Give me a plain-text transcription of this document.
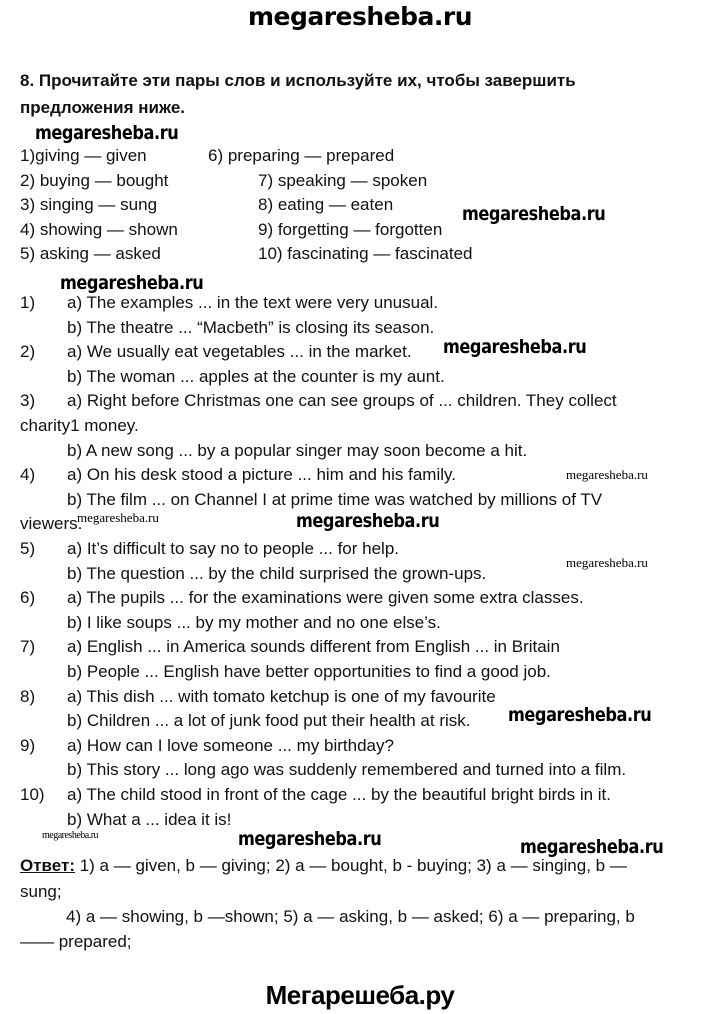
megaresheba.ru
8. Прочитайте эти пары слов и используйте их, чтобы завершить
предложения ниже.
1)giving — given	6) preparing — prepared
2) buying — bought	7) speaking — spoken
3) singing — sung	8) eating — eaten
4) showing — shown	9) forgetting — forgotten
5) asking — asked	10) fascinating — fascinated
1) a) The examples ... in the text were very unusual.
b) The theatre ... “Macbeth” is closing its season.
2) a) We usually eat vegetables ... in the market.
b) The woman ... apples at the counter is my aunt.
3) a) Right before Christmas one can see groups of ... children. They collect
charity1 money.
b) A new song ... by a popular singer may soon become a hit.
4) a) On his desk stood a picture ... him and his family.
b) The film ... on Channel I at prime time was watched by millions of TV
viewers.
5) a) It’s difficult to say no to people ... for help.
b) The question ... by the child surprised the grown-ups.
6) a) The pupils ... for the examinations were given some extra classes.
b) I like soups ... by my mother and no one else’s.
7) a) English ... in America sounds different from English ... in Britain
b) People ... English have better opportunities to find a good job.
8) a) This dish ... with tomato ketchup is one of my favourite
b) Children ... a lot of junk food put their health at risk.
9) a) How can I love someone ... my birthday?
b) This story ... long ago was suddenly remembered and turned into a film.
10) a) The child stood in front of the cage ... by the beautiful bright birds in it.
b) What a ... idea it is!
Ответ: 1) a — given, b — giving; 2) a — bought, b - buying; 3) a — singing, b —
sung;
4) a — showing, b —shown; 5) a — asking, b — asked; 6) a — preparing, b
—— prepared;
megaresheba.ru
megaresheba.ru
megaresheba.ru
megaresheba.ru
megaresheba.ru
megaresheba.ru	megaresheba.ru
megaresheba.ru
megaresheba.ru
megaresheba.ru	megaresheba.ru	megaresheba.ru
Мегарешеба.ру
